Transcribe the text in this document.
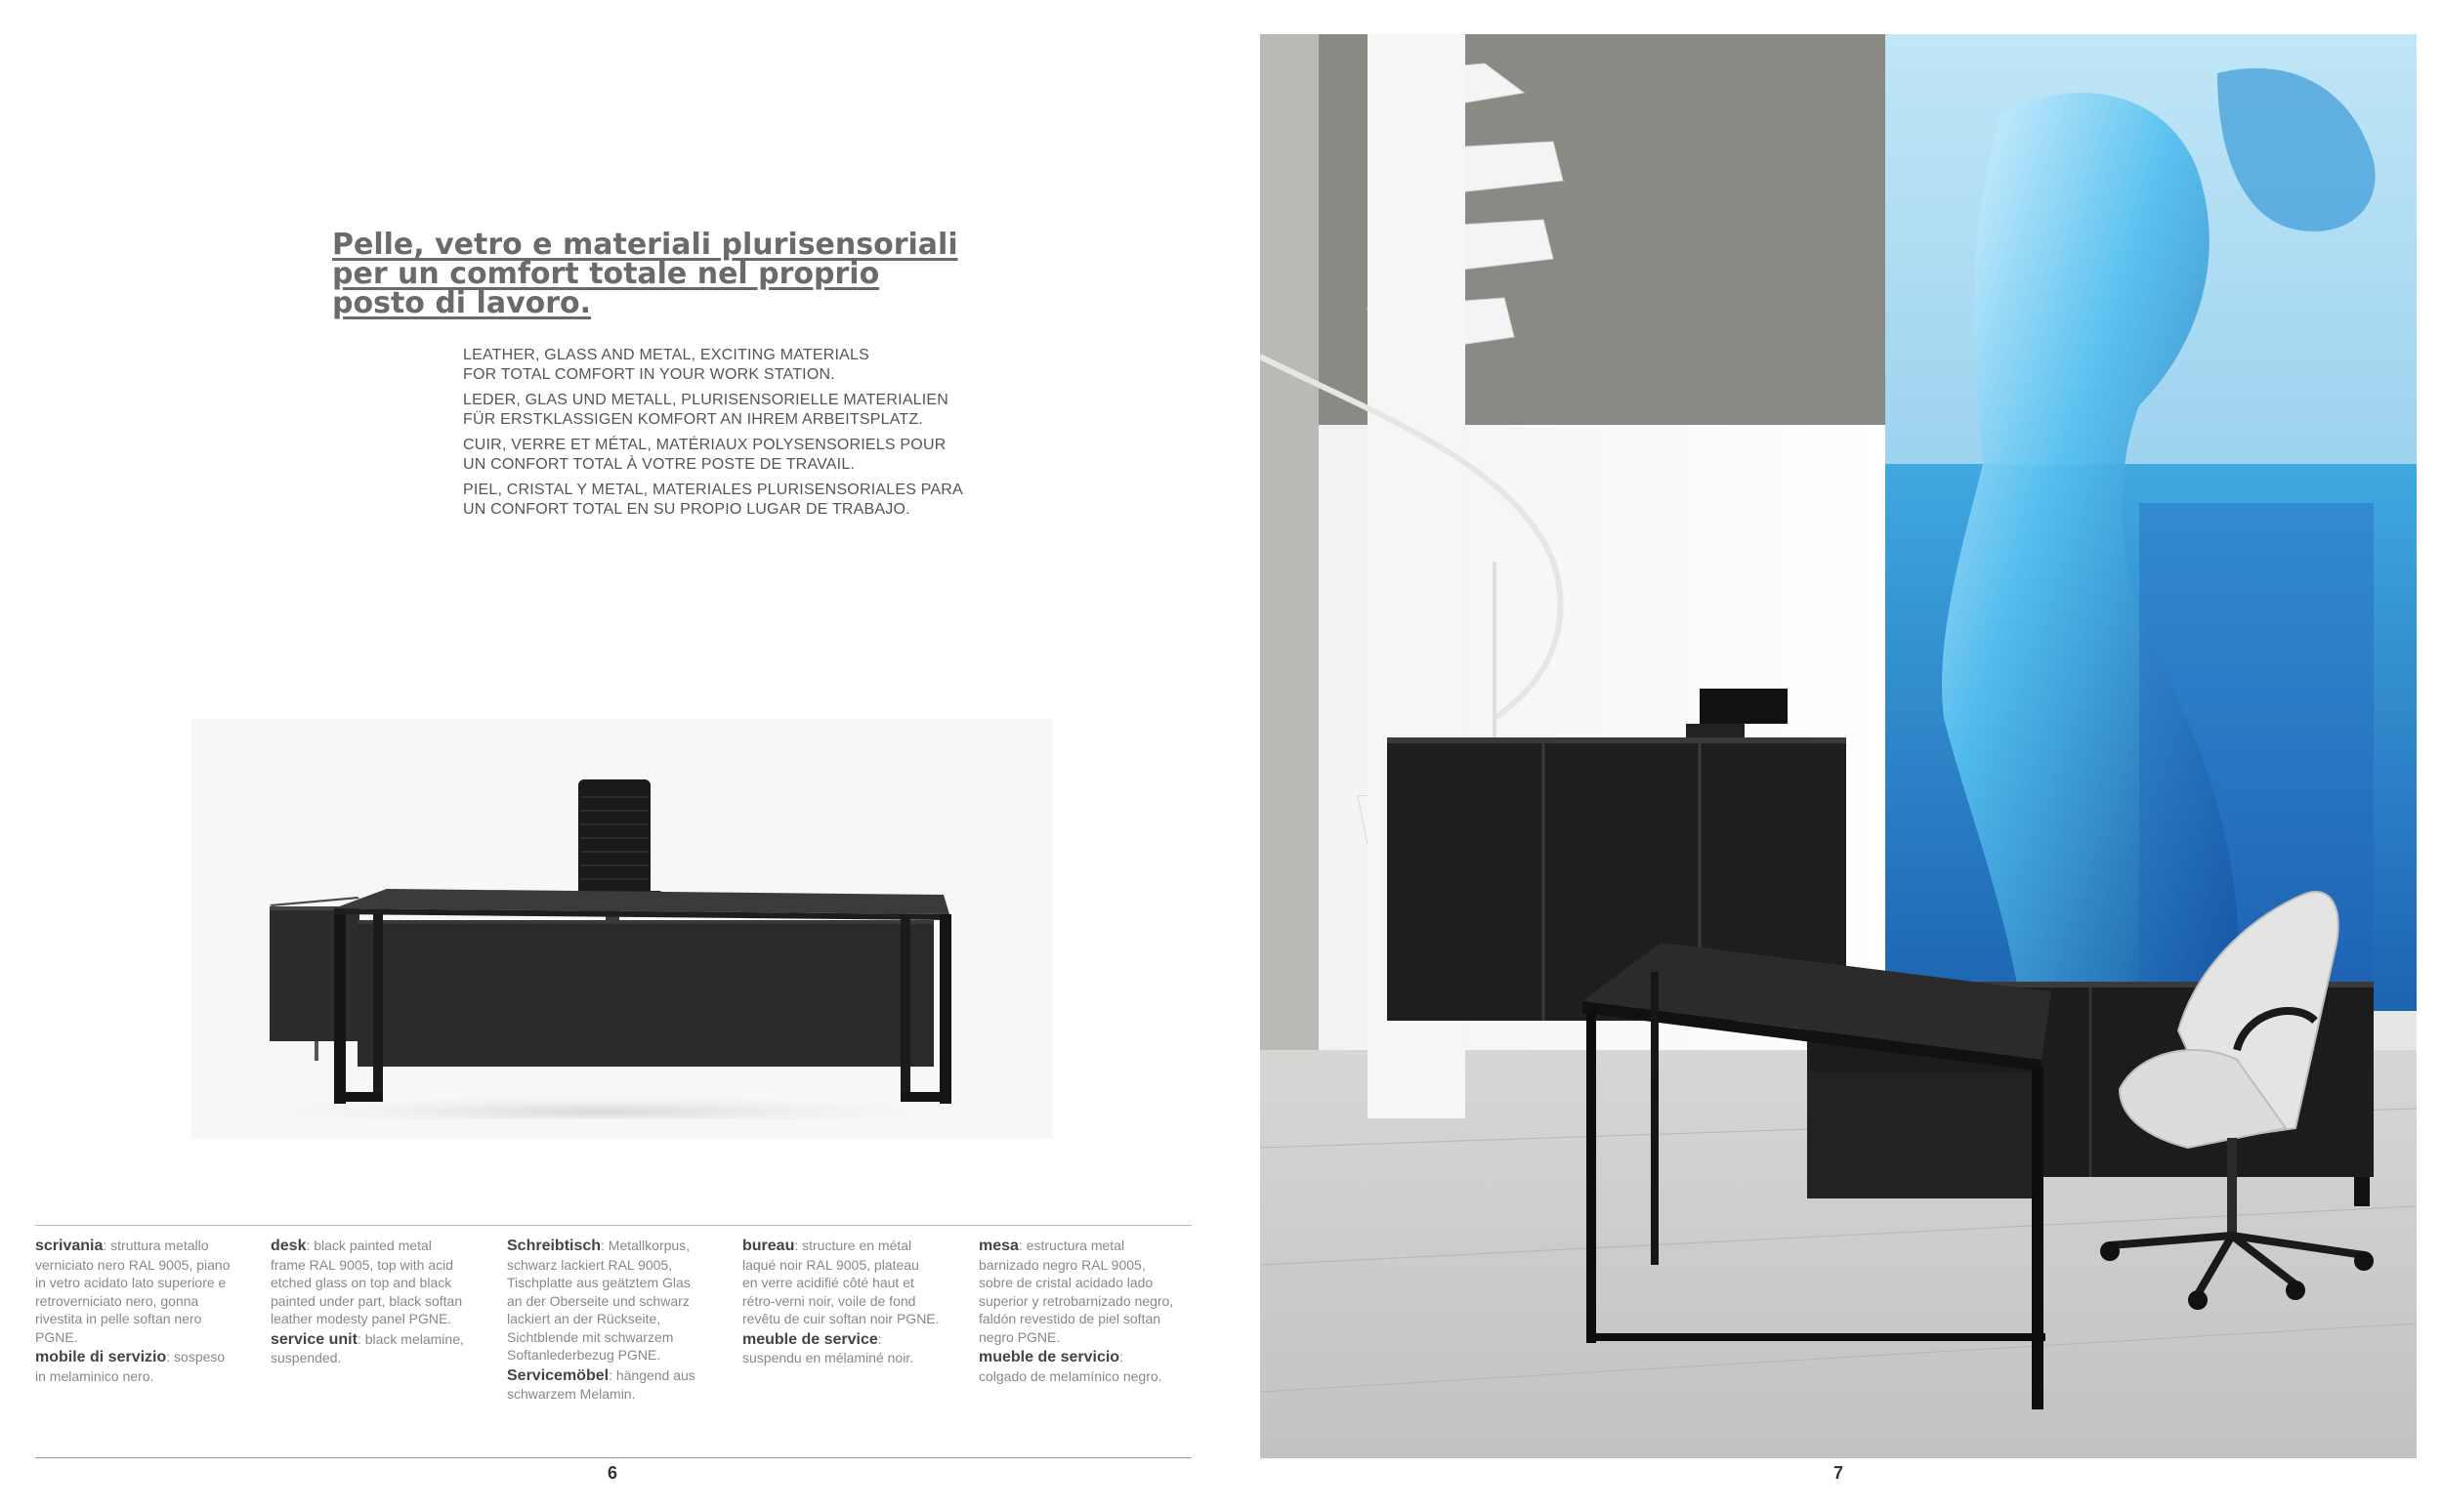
Pelle, vetro e materiali plurisensoriali
per un comfort totale nel proprio
posto di lavoro.
LEATHER, GLASS AND METAL, EXCITING MATERIALS
FOR TOTAL COMFORT IN YOUR WORK STATION.
LEDER, GLAS UND METALL, PLURISENSORIELLE MATERIALIEN
FÜR ERSTKLASSIGEN KOMFORT AN IHREM ARBEITSPLATZ.
CUIR, VERRE ET MÉTAL, MATÉRIAUX POLYSENSORIELS POUR
UN CONFORT TOTAL À VOTRE POSTE DE TRAVAIL.
PIEL, CRISTAL Y METAL, MATERIALES PLURISENSORIALES PARA
UN CONFORT TOTAL EN SU PROPIO LUGAR DE TRABAJO.
scrivania: struttura metallo
verniciato nero RAL 9005, piano
in vetro acidato lato superiore e
retroverniciato nero, gonna
rivestita in pelle softan nero
PGNE.
mobile di servizio: sospeso
in melaminico nero.
desk: black painted metal
frame RAL 9005, top with acid
etched glass on top and black
painted under part, black softan
leather modesty panel PGNE.
service unit: black melamine,
suspended.
Schreibtisch: Metallkorpus,
schwarz lackiert RAL 9005,
Tischplatte aus geätztem Glas
an der Oberseite und schwarz
lackiert an der Rückseite,
Sichtblende mit schwarzem
Softanlederbezug PGNE.
Servicemöbel: hängend aus
schwarzem Melamin.
bureau: structure en métal
laqué noir RAL 9005, plateau
en verre acidifié côté haut et
rétro-verni noir, voile de fond
revêtu de cuir softan noir PGNE.
meuble de service:
suspendu en mélaminé noir.
mesa: estructura metal
barnizado negro RAL 9005,
sobre de cristal acidado lado
superior y retrobarnizado negro,
faldón revestido de piel softan
negro PGNE.
mueble de servicio:
colgado de melamínico negro.
6	7
